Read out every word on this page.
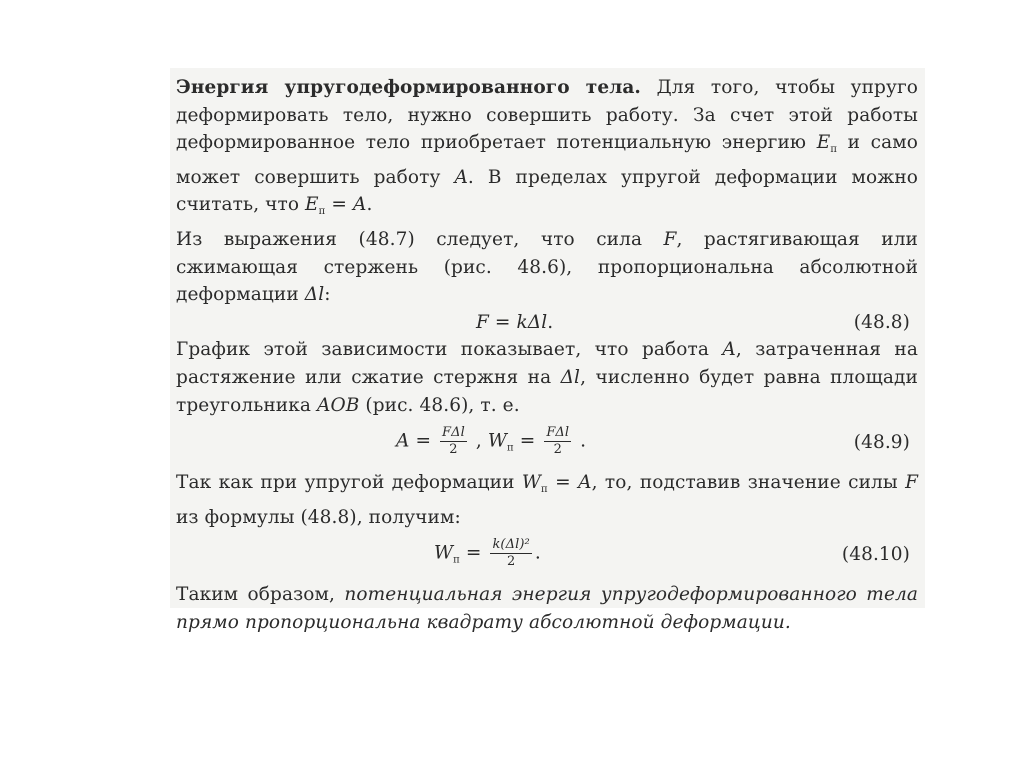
Энергия упругодеформированного тела. Для того, чтобы упруго деформировать тело, нужно совершить работу. За счет этой работы деформированное тело приобретает потенциальную энергию $E_п$ и само может совершить работу A. В пределах упругой деформации можно считать, что $E_п = A$.

Из выражения (48.7) следует, что сила F, растягивающая или сжимающая стержень (рис. 48.6), пропорциональна абсолютной деформации Δl:

F = kΔl.	(48.8)

График этой зависимости показывает, что работа A, затраченная на растяжение или сжатие стержня на Δl, численно будет равна площади треугольника AOB (рис. 48.6), т. е.

$A = \frac{\text{FΔl}}{2}$ , $W_п = \frac{\text{FΔl}}{2}$ .	(48.9)

Так как при упругой деформации $W_п = A$, то, подставив значение силы F из формулы (48.8), получим:

$W_п = \frac{\text{k(Δl)²}}{2}$ .	(48.10)

Таким образом, потенциальная энергия упругодеформированного тела прямо пропорциональна квадрату абсолютной деформации.
